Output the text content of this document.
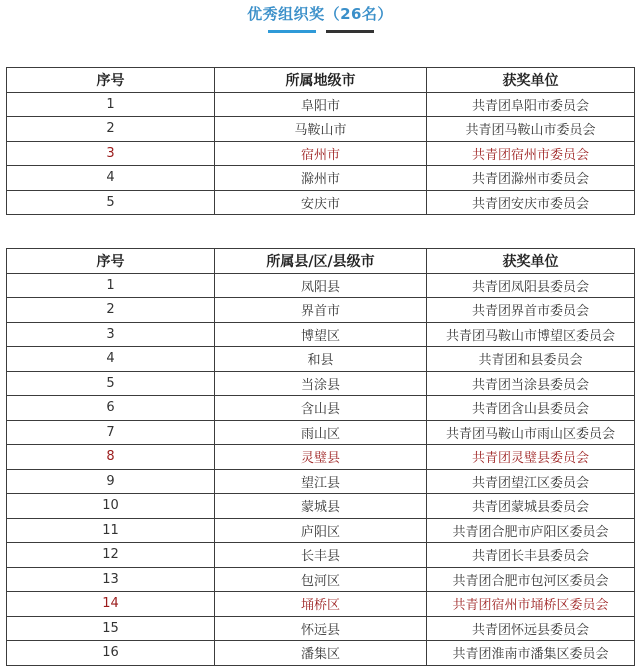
优秀组织奖（26名）
序号	所属地级市	获奖单位
1	阜阳市	共青团阜阳市委员会
2	马鞍山市	共青团马鞍山市委员会
3	宿州市	共青团宿州市委员会
4	滁州市	共青团滁州市委员会
5	安庆市	共青团安庆市委员会
序号	所属县/区/县级市	获奖单位
1	凤阳县	共青团凤阳县委员会
2	界首市	共青团界首市委员会
3	博望区	共青团马鞍山市博望区委员会
4	和县	共青团和县委员会
5	当涂县	共青团当涂县委员会
6	含山县	共青团含山县委员会
7	雨山区	共青团马鞍山市雨山区委员会
8	灵璧县	共青团灵璧县委员会
9	望江县	共青团望江区委员会
10	蒙城县	共青团蒙城县委员会
11	庐阳区	共青团合肥市庐阳区委员会
12	长丰县	共青团长丰县委员会
13	包河区	共青团合肥市包河区委员会
14	埇桥区	共青团宿州市埇桥区委员会
15	怀远县	共青团怀远县委员会
16	潘集区	共青团淮南市潘集区委员会
